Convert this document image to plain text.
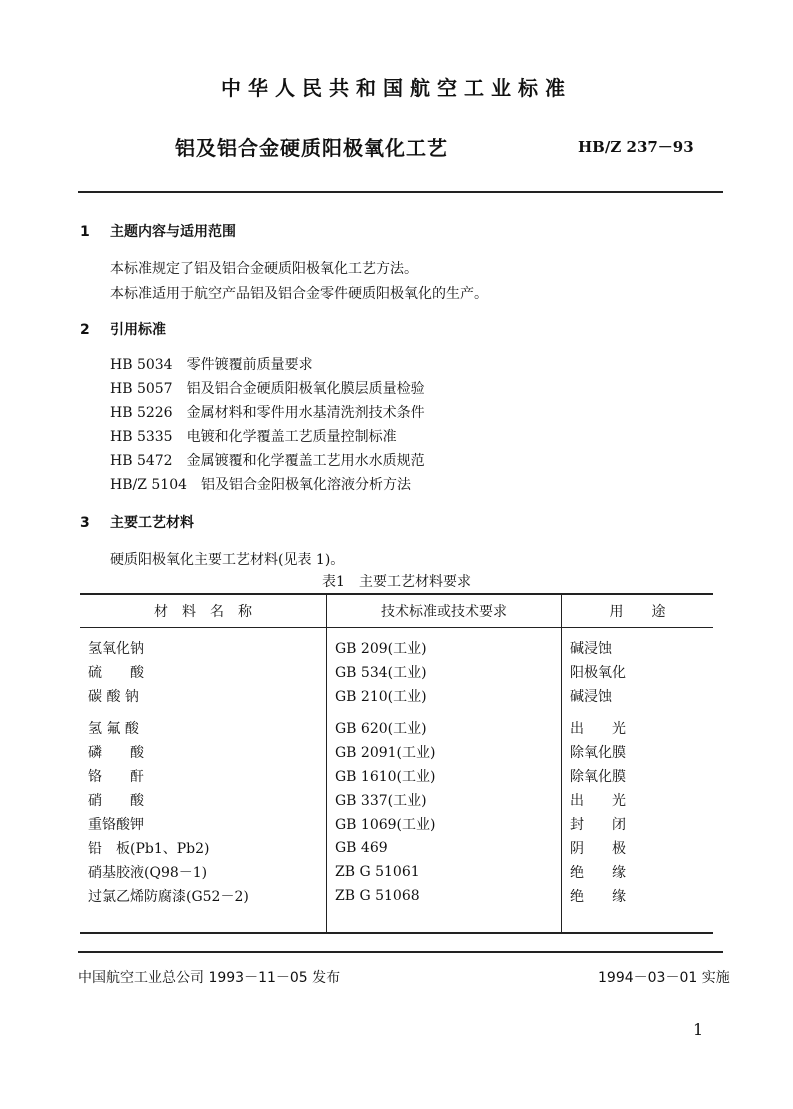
中华人民共和国航空工业标准
铝及铝合金硬质阳极氧化工艺	HB/Z 237－93
1 主题内容与适用范围
本标准规定了铝及铝合金硬质阳极氧化工艺方法。
本标准适用于航空产品铝及铝合金零件硬质阳极氧化的生产。
2 引用标准
HB 5034　 零件镀覆前质量要求
HB 5057　 铝及铝合金硬质阳极氧化膜层质量检验
HB 5226　 金属材料和零件用水基清洗剂技术条件
HB 5335　 电镀和化学覆盖工艺质量控制标准
HB 5472　 金属镀覆和化学覆盖工艺用水水质规范
HB/Z 5104　 铝及铝合金阳极氧化溶液分析方法
3 主要工艺材料
硬质阳极氧化主要工艺材料(见表 1)。
表1　主要工艺材料要求
材　料　名　称	技术标准或技术要求	用　　途

氢氧化钠	GB 209(工业)	碱浸蚀
硫　　酸	GB 534(工业)	阳极氧化
碳 酸 钠	GB 210(工业)	碱浸蚀

氢 氟 酸	GB 620(工业)	出　　光
磷　　酸	GB 2091(工业)	除氧化膜
铬　　酐	GB 1610(工业)	除氧化膜
硝　　酸	GB 337(工业)	出　　光
重铬酸钾	GB 1069(工业)	封　　闭
铅　板(Pb1、Pb2)	GB 469	阴　　极
硝基胶液(Q98－1)	ZB G 51061	绝　　缘
过氯乙烯防腐漆(G52－2)	ZB G 51068	绝　　缘

中国航空工业总公司 1993－11－05 发布	1994－03－01 实施
1
